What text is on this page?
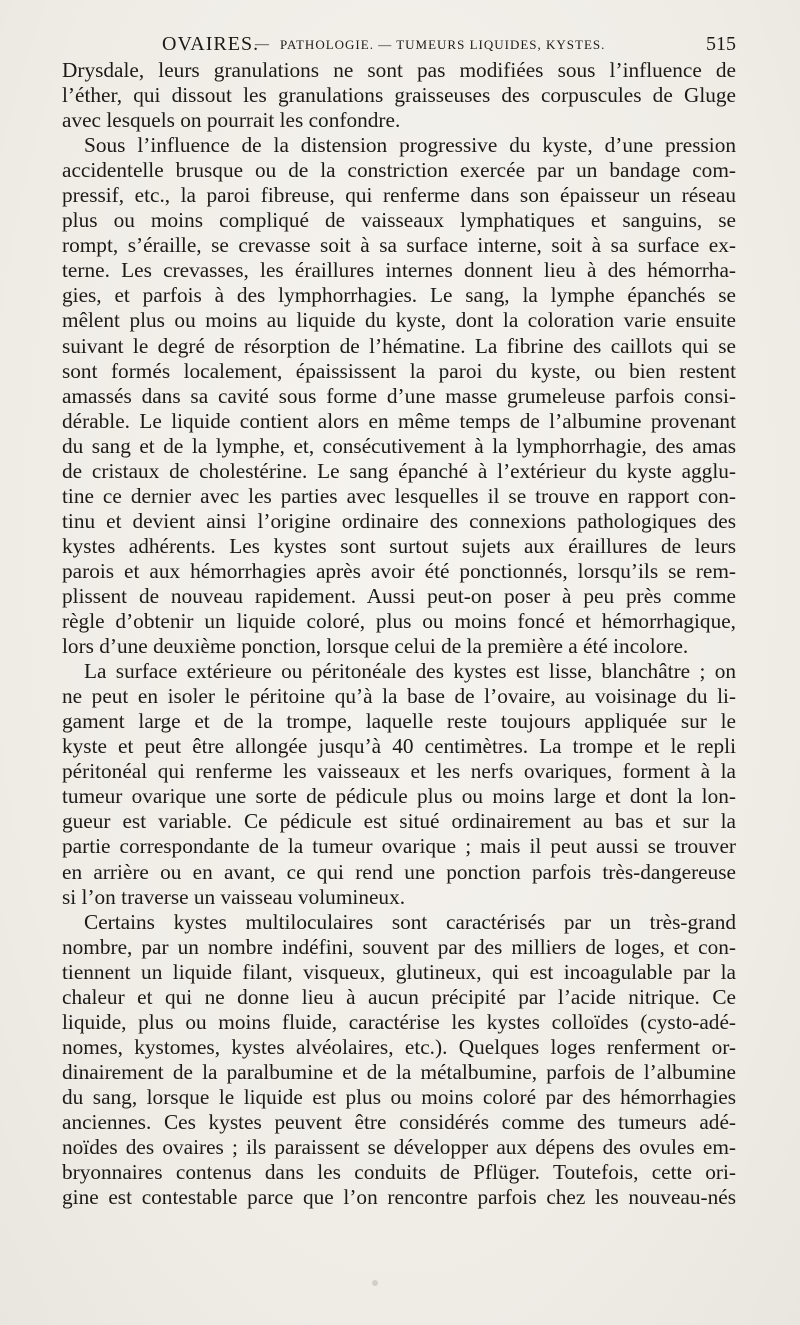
OVAIRES.
— PATHOLOGIE. — TUMEURS LIQUIDES, KYSTES.	515
Drysdale, leurs granulations ne sont pas modifiées sous l’influence de
l’éther, qui dissout les granulations graisseuses des corpuscules de Gluge
avec lesquels on pourrait les confondre.
Sous l’influence de la distension progressive du kyste, d’une pression
accidentelle brusque ou de la constriction exercée par un bandage com-
pressif, etc., la paroi fibreuse, qui renferme dans son épaisseur un réseau
plus ou moins compliqué de vaisseaux lymphatiques et sanguins, se
rompt, s’éraille, se crevasse soit à sa surface interne, soit à sa surface ex-
terne. Les crevasses, les éraillures internes donnent lieu à des hémorrha-
gies, et parfois à des lymphorrhagies. Le sang, la lymphe épanchés se
mêlent plus ou moins au liquide du kyste, dont la coloration varie ensuite
suivant le degré de résorption de l’hématine. La fibrine des caillots qui se
sont formés localement, épaississent la paroi du kyste, ou bien restent
amassés dans sa cavité sous forme d’une masse grumeleuse parfois consi-
dérable. Le liquide contient alors en même temps de l’albumine provenant
du sang et de la lymphe, et, consécutivement à la lymphorrhagie, des amas
de cristaux de cholestérine. Le sang épanché à l’extérieur du kyste agglu-
tine ce dernier avec les parties avec lesquelles il se trouve en rapport con-
tinu et devient ainsi l’origine ordinaire des connexions pathologiques des
kystes adhérents. Les kystes sont surtout sujets aux éraillures de leurs
parois et aux hémorrhagies après avoir été ponctionnés, lorsqu’ils se rem-
plissent de nouveau rapidement. Aussi peut-on poser à peu près comme
règle d’obtenir un liquide coloré, plus ou moins foncé et hémorrhagique,
lors d’une deuxième ponction, lorsque celui de la première a été incolore.
La surface extérieure ou péritonéale des kystes est lisse, blanchâtre ; on
ne peut en isoler le péritoine qu’à la base de l’ovaire, au voisinage du li-
gament large et de la trompe, laquelle reste toujours appliquée sur le
kyste et peut être allongée jusqu’à 40 centimètres. La trompe et le repli
péritonéal qui renferme les vaisseaux et les nerfs ovariques, forment à la
tumeur ovarique une sorte de pédicule plus ou moins large et dont la lon-
gueur est variable. Ce pédicule est situé ordinairement au bas et sur la
partie correspondante de la tumeur ovarique ; mais il peut aussi se trouver
en arrière ou en avant, ce qui rend une ponction parfois très-dangereuse
si l’on traverse un vaisseau volumineux.
Certains kystes multiloculaires sont caractérisés par un très-grand
nombre, par un nombre indéfini, souvent par des milliers de loges, et con-
tiennent un liquide filant, visqueux, glutineux, qui est incoagulable par la
chaleur et qui ne donne lieu à aucun précipité par l’acide nitrique. Ce
liquide, plus ou moins fluide, caractérise les kystes colloïdes (cysto-adé-
nomes, kystomes, kystes alvéolaires, etc.). Quelques loges renferment or-
dinairement de la paralbumine et de la métalbumine, parfois de l’albumine
du sang, lorsque le liquide est plus ou moins coloré par des hémorrhagies
anciennes. Ces kystes peuvent être considérés comme des tumeurs adé-
noïdes des ovaires ; ils paraissent se développer aux dépens des ovules em-
bryonnaires contenus dans les conduits de Pflüger. Toutefois, cette ori-
gine est contestable parce que l’on rencontre parfois chez les nouveau-nés
